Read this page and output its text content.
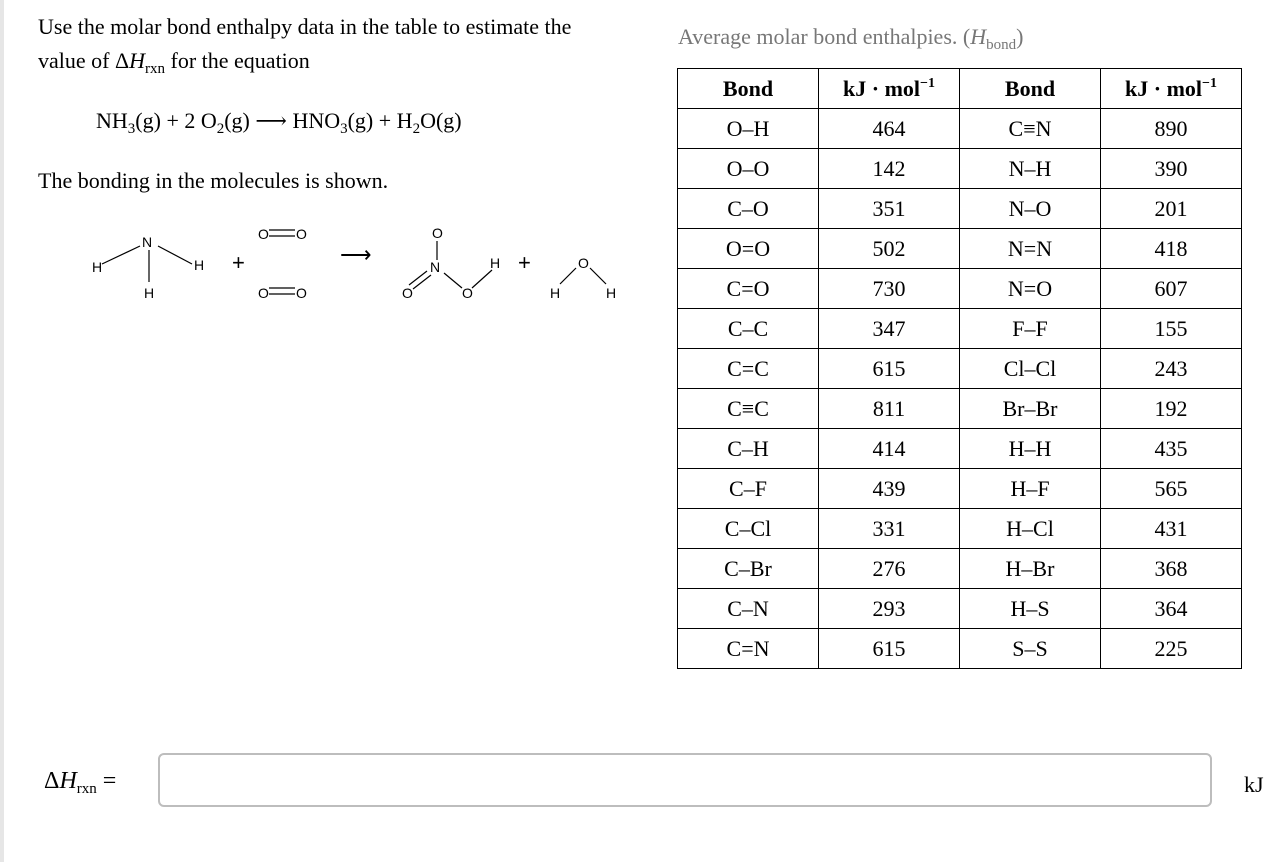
Use the molar bond enthalpy data in the table to estimate the
value of $\Delta H_{rxn}$ for the equation
$NH_3(g) + 2$ $O_2(g)$ ⟶ $HNO_3(g) + H_2O(g)$
The bonding in the molecules is shown.
N
H	H
H
+
O O
O O
⟶
O
N
O	O
H +	O
H	H
Average molar bond enthalpies. $(H_{bond})$
Bond	kJ · mol$^{-1}$	Bond	kJ · mol$^{-1}$
O–H	464	C≡N	890
O–O	142	N–H	390
C–O	351	N–O	201
O=O	502	N=N	418
C=O	730	N=O	607
C–C	347	F–F	155
C=C	615	Cl–Cl	243
C≡C	811	Br–Br	192
C–H	414	H–H	435
C–F	439	H–F	565
C–Cl	331	H–Cl	431
C–Br	276	H–Br	368
C–N	293	H–S	364
C=N	615	S–S	225
$\Delta H_{rxn}$ =	kJ
